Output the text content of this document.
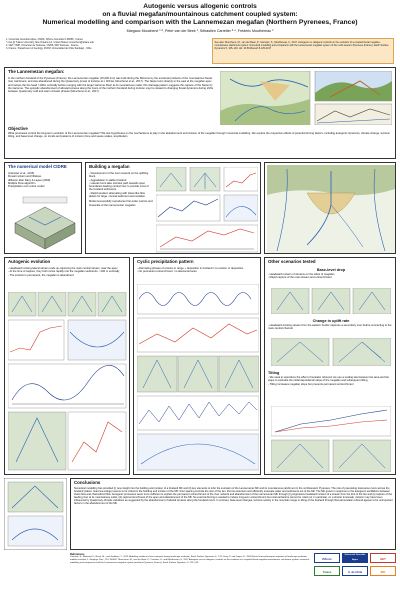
Autogenic versus allogenic controls
on a fluvial megafan/mountainous catchment coupled system:
Numerical modelling and comparison with the Lannemezan megafan (Northern Pyrenees, France)
Margaux Mouchené ¹·², Peter van der Beek ¹, Sébastien Carretier ³·⁴, Frédéric Mouthereau ²
1. Université Grenoble Alpes, CNRS, ISTerre Grenoble F-38058 , France
* now @ Tulane University New Orleans LA, United States mmouchen@tulane.edu
2. GET, OMP, Université de Toulouse, CNRS, IRD Toulouse , France
3. France / Department of Geology, FCFM, Universidad de Chile Santiago , Chile
See also: Mouchené, M., van der Beek, P., Carretier, S., Mouthereau, F., 2017. Autogenic vs. allogenic controls on the evolution of a coupled fluvial megafan-mountainous catchment system: Numerical modelling and comparison with the Lannemezan megafan system of the north-western Pyrenees (France). Earth Surface Dynamics 5, 125–143. doi: 10.5194/esurf-5-125-2017
The Lannemezan megafan:
In the northern foreland of the Pyrenees (France), the Lannemezan megafan (15,000 km²) was built during the Miocene by the erosional products of the mountainous Neste river catchment, and was abandoned during the Quaternary (onset of incision at ≥ 300 ka, Mouchené et al., 2017). The Neste turns sharply to the east at the megafan apex and incises the fan head >100m vertically before merging with the larger Garonne River at its mountainous outlet; this drainage pattern suggests the capture of the Neste by the Garonne. The episodic abandonment of alluvial terraces along the rivers of the northern foreland during incision may be related to changing fluvial dynamics during shifts between Quaternary cold and warm climatic phases (Mouchené et al., 2017).
Objective
What processes control the long-term evolution of the Lannemezan megafan? We test hypotheses on the mechanisms at play in the abandonment and incision of the megafan through numerical modelling. We explore the respective effects of potential forcing factors, including autogenic dynamics, climate change, tectonic tilting, and base level change, on trends and patterns of incision (time and space scales, amplitudes).
The numerical model CIDRE
(Carretier et al., 2015)
Fluvial incision and hillslope
diffusion after Davy & Lague (2009)
Multiple Flow algorithm
Precipitation over entire model
Building a megafan
- Development of the river network on the uplifting block
- Aggradation in stable foreland
- Lateral rivers take shortest path towards open boundaries leading central river to provide most of the foreland sediments
- Rapid avulsion alternating with sheet-like flow allows for large, conical sediment accumulation
Model successfully reproduces first-order metrics and timescale of the Lannemezan megafan
Autogenic evolution
- Headward incising lateral stream ends up capturing the main central stream, near the apex
- At the time of capture, they both incise rapidly into the megafan sediments, >100 m vertically
- The incision is permanent, the megafan is abandoned
Cyclic precipitation pattern
- Alternating phases of erosion in range + deposition in foreland / no erosion or deposition
- No permanent entrenchment, no alluvial terraces
Other scenarios tested
Base-level drop
- Headward incision of streams on the sides of megafan
- Rapid capture of the main stream and entrenchment
Change in uplift rate
- Headward-incising stream from the eastern border captures a secondary river before connecting to the main central channel
Tilting
- We seek to reproduce the effect of isostatic rebound: we use a scaling law between fan area and fan slope to estimate the initial depositional slope of the megafan and subsequent tilting
- Tilting increases megafan slope but prevents permanent entrenchment
Conclusions
Numerical modelling has provided (i) new insight into the building and incision of a foreland MF and (ii) key elements to infer the evolution of the Lannemezan MF and its mountainous catchment in the northwestern Pyrenees. The role of preexisting transverse rivers across the foreland (Adour, Garonne-Ariège) seems to be critical in the building and incision of the MF: their spacing controls the size of the fan, limit its extension and efficiently evacuate water and sediments out of the MF. The MF grows in response to the autogenic oscillations between sheet-flow and channelized flow. Autogenic processes seem to be sufficient to explain the permanent entrenchment of the river network and abandonment of the Lannemezan MF through (i) progressive headward incision of a stream from the foot of the fan and (ii) capture of the feeding river at its mountainous outlet, (iii) rapid entrenchment of the apex and abandonment of the MF. No external forcing is needed to induce long-term entrenchment but external factors cannot be ruled out. In particular, on a shorter timescale, incision may have been influenced by Quaternary climatic variations as suggested by the abandonment of alluvial terraces along the foreland rivers. In contrast, base-level changes, tectonic activity in the mountain range or tilting of the foreland through flexural isostatic rebound appear to be unimportant factors in the abandonment of the MF.
References
Carretier, S., Martinod, P., Reich, M., and Godderis, Y., 2015 Modelling sediment clasts transport during landscape evolution, Earth Surface Dynamics 4, 1-15. Davy, P. and Lague, D., 2009 Fluvial erosion/transport equation of landscape evolution models revisited, J. Geophys. Res., 114, F03007. Mouchené, M., van der Beek, P., Carretier, S., and Mouthereau, F., 2017 Autogenic versus allogenic controls on the evolution of a coupled fluvial megafan-mountainous catchment system: numerical modelling and comparison with the Lannemezan megafan system (northern Pyrenees, France), Earth Surface Dynamics 5, 125–143.
ISTerre
Université Grenoble Alpes	GET
Tulane	U. de Chile	IRD
